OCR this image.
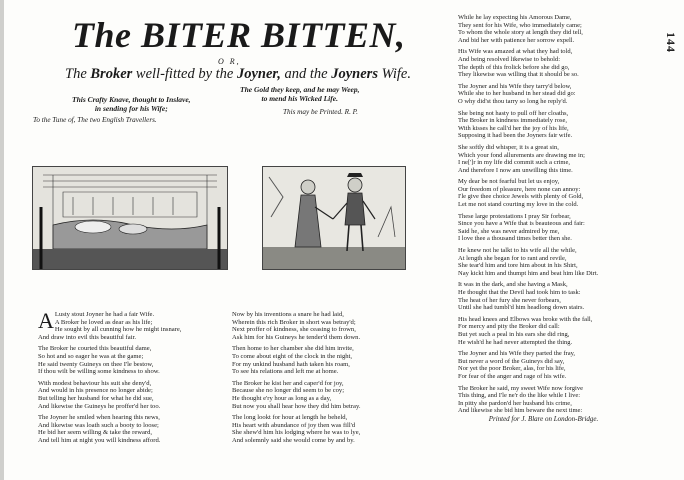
The BITER BITTEN,
O R,
The Broker well-fitted by the Joyner, and the Joyners Wife.
This Crafty Knave, thought to Inslave,
in sending for his Wife;
The Gold they keep, and he may Weep,
to mend his Wicked Life.
To the Tune of, The two English Travellers.
This may be Printed. R. P.
144
A Lusty stout Joyner he had a fair Wife.
A Broker he loved as dear as his life;
He sought by all cunning how he might insnare,
And draw into evil this beautiful fair.
The Broker he courted this beautiful dame,
So hot and so eager he was at the game;
He said twenty Guineys on thee I'le bestow,
If thou wilt be willing some kindness to show.
With modest behaviour his suit she deny'd,
And would in his presence no longer abide;
But telling her husband for what he did sue,
And likewise the Guineys he proffer'd her too.
The Joyner he smiled when hearing this news,
And likewise was loath such a booty to loose;
He bid her seem willing & take the reward,
And tell him at night you will kindness afford.
Now by his inventions a snare he had laid,
Wherein this rich Broker in short was betray'd;
Next proffer of kindness, she ceasing to frown,
Ask him for his Guineys he tender'd them down.
Then home to her chamber she did him invite,
To come about eight of the clock in the night,
For my unkind husband hath taken his roam,
To see his relations and left me at home.
The Broker he kist her and caper'd for joy,
Because she no longer did seem to be coy;
He thought e'ry hour as long as a day,
But now you shall hear how they did him betray.
The long lookt for hour at length he beheld,
His heart with abundance of joy then was fill'd
She shew'd him his lodging where he was to lye,
And solemnly said she would come by and by.
While he lay expecting his Amorous Dame,
They sent for his Wife, who immediately came;
To whom the whole story at length they did tell,
And bid her with patience her sorrow expell.
His Wife was amazed at what they had told,
And being resolved likewise to behold:
The depth of this frolick before she did go,
They likewise was willing that it should be so.
The Joyner and his Wife they tarry'd below,
While she to her husband in her stead did go:
O why did'st thou tarry so long he reply'd.
She being not hasty to pull off her cloaths,
The Broker in kindness immediately rose,
With kisses he call'd her the joy of his life,
Supposing it had been the Joyners fair wife.
She softly did whisper, it is a great sin,
Which your fond allurements are drawing me in;
I ne[']r in my life did commit such a crime,
And therefore I now am unwilling this time.
My dear be not fearful but let us enjoy,
Our freedom of pleasure, here none can annoy:
I'le give thee choice Jewels with plenty of Gold,
Let me not stand courting my love in the cold.
These large protestations I pray Sir forbear,
Since you have a Wife that is beauteous and fair:
Said he, she was never admired by me,
I love thee a thousand times better then she.
He knew not he talkt to his wife all the while,
At length she began for to rant and revile,
She tear'd him and tore him about in his Shirt,
Nay kickt him and thumpt him and beat him like Dirt.
It was in the dark, and she having a Mask,
He thought that the Devil had took him to task:
The heat of her fury she never forbears,
Until she had tumbl'd him headlong down stairs.
His head knees and Elbows was broke with the fall,
For mercy and pity the Broker did call:
But yet such a peal in his ears she did ring,
He wish'd he had never attempted the thing.
The Joyner and his Wife they parted the fray,
But never a word of the Guineys did say,
Nor yet the poor Broker, alas, for his life,
For fear of the anger and rage of his wife.
The Broker he said, my sweet Wife now forgive
This thing, and I'le ne'r do the like while I live:
In pitty she pardon'd her husband his crime,
And likewise she bid him beware the next time:
Printed for J. Blare on London-Bridge.
